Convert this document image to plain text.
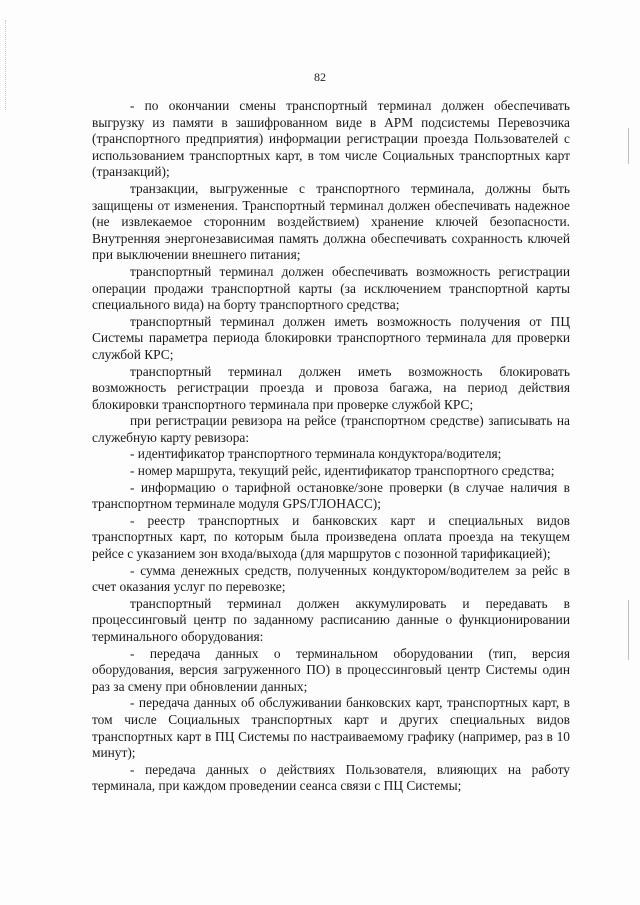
82

- по окончании смены транспортный терминал должен обеспечивать выгрузку из памяти в зашифрованном виде в АРМ подсистемы Перевозчика (транспортного предприятия) информации регистрации проезда Пользователей с использованием транспортных карт, в том числе Социальных транспортных карт (транзакций);

транзакции, выгруженные с транспортного терминала, должны быть защищены от изменения. Транспортный терминал должен обеспечивать надежное (не извлекаемое сторонним воздействием) хранение ключей безопасности. Внутренняя энергонезависимая память должна обеспечивать сохранность ключей при выключении внешнего питания;

транспортный терминал должен обеспечивать возможность регистрации операции продажи транспортной карты (за исключением транспортной карты специального вида) на борту транспортного средства;

транспортный терминал должен иметь возможность получения от ПЦ Системы параметра периода блокировки транспортного терминала для проверки службой КРС;

транспортный терминал должен иметь возможность блокировать возможность регистрации проезда и провоза багажа, на период действия блокировки транспортного терминала при проверке службой КРС;

при регистрации ревизора на рейсе (транспортном средстве) записывать на служебную карту ревизора:

- идентификатор транспортного терминала кондуктора/водителя;

- номер маршрута, текущий рейс, идентификатор транспортного средства;

- информацию о тарифной остановке/зоне проверки (в случае наличия в транспортном терминале модуля GPS/ГЛОНАСС);

- реестр транспортных и банковских карт и специальных видов транспортных карт, по которым была произведена оплата проезда на текущем рейсе с указанием зон входа/выхода (для маршрутов с позонной тарификацией);

- сумма денежных средств, полученных кондуктором/водителем за рейс в счет оказания услуг по перевозке;

транспортный терминал должен аккумулировать и передавать в процессинговый центр по заданному расписанию данные о функционировании терминального оборудования:

- передача данных о терминальном оборудовании (тип, версия оборудования, версия загруженного ПО) в процессинговый центр Системы один раз за смену при обновлении данных;

- передача данных об обслуживании банковских карт, транспортных карт, в том числе Социальных транспортных карт и других специальных видов транспортных карт в ПЦ Системы по настраиваемому графику (например, раз в 10 минут);

- передача данных о действиях Пользователя, влияющих на работу терминала, при каждом проведении сеанса связи с ПЦ Системы;
